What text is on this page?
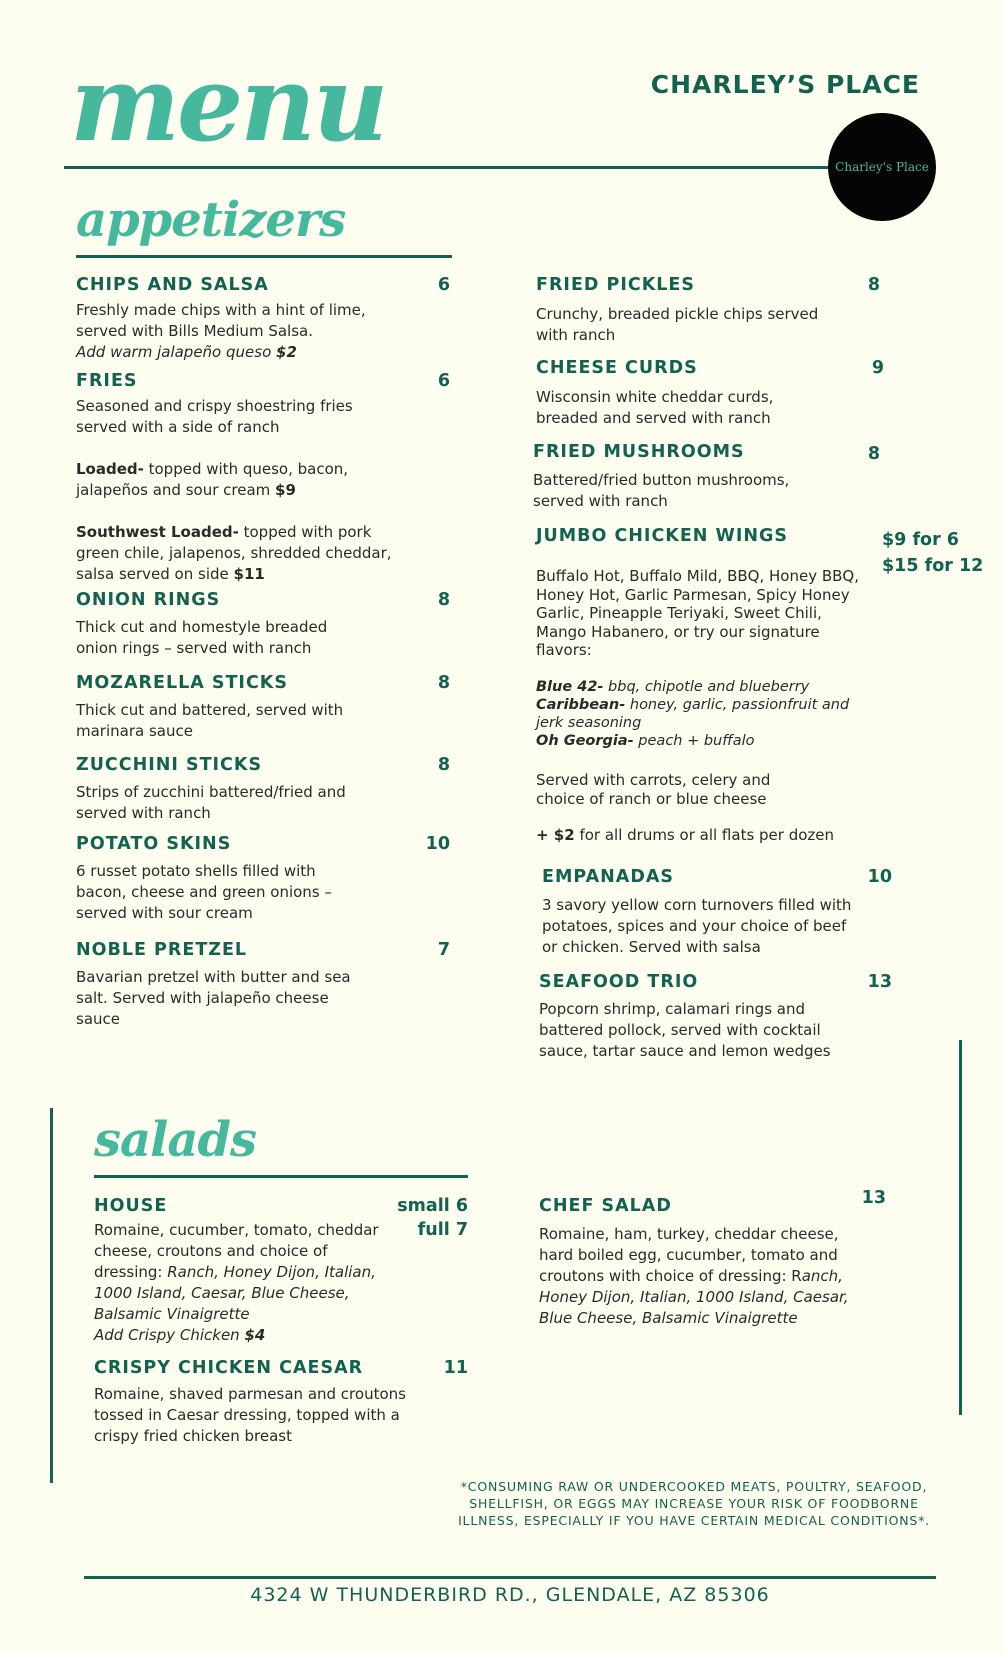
menu	CHARLEY’S PLACE
Charley's Place
appetizers
CHIPS AND SALSA	6
Freshly made chips with a hint of lime,
served with Bills Medium Salsa.
Add warm jalapeño queso $2
FRIES	6
Seasoned and crispy shoestring fries
served with a side of ranch
Loaded- topped with queso, bacon,
jalapeños and sour cream $9
Southwest Loaded- topped with pork
green chile, jalapenos, shredded cheddar,
salsa served on side $11
ONION RINGS	8
Thick cut and homestyle breaded
onion rings – served with ranch
MOZARELLA STICKS	8
Thick cut and battered, served with
marinara sauce
ZUCCHINI STICKS	8
Strips of zucchini battered/fried and
served with ranch
POTATO SKINS	10
6 russet potato shells filled with
bacon, cheese and green onions –
served with sour cream
NOBLE PRETZEL	7
Bavarian pretzel with butter and sea
salt. Served with jalapeño cheese
sauce
FRIED PICKLES	8
Crunchy, breaded pickle chips served
with ranch
CHEESE CURDS	9
Wisconsin white cheddar curds,
breaded and served with ranch
FRIED MUSHROOMS	8
Battered/fried button mushrooms,
served with ranch
JUMBO CHICKEN WINGS	$9 for 6
$15 for 12
Buffalo Hot, Buffalo Mild, BBQ, Honey BBQ,
Honey Hot, Garlic Parmesan, Spicy Honey
Garlic, Pineapple Teriyaki, Sweet Chili,
Mango Habanero, or try our signature
flavors:
Blue 42- bbq, chipotle and blueberry
Caribbean- honey, garlic, passionfruit and
jerk seasoning
Oh Georgia- peach + buffalo
Served with carrots, celery and
choice of ranch or blue cheese
+ $2 for all drums or all flats per dozen
EMPANADAS	10
3 savory yellow corn turnovers filled with
potatoes, spices and your choice of beef
or chicken. Served with salsa
SEAFOOD TRIO	13
Popcorn shrimp, calamari rings and
battered pollock, served with cocktail
sauce, tartar sauce and lemon wedges
salads
HOUSE	small 6
full 7
Romaine, cucumber, tomato, cheddar
cheese, croutons and choice of
dressing: Ranch, Honey Dijon, Italian,
1000 Island, Caesar, Blue Cheese,
Balsamic Vinaigrette
Add Crispy Chicken $4
CRISPY CHICKEN CAESAR	11
Romaine, shaved parmesan and croutons
tossed in Caesar dressing, topped with a
crispy fried chicken breast
CHEF SALAD	13
Romaine, ham, turkey, cheddar cheese,
hard boiled egg, cucumber, tomato and
croutons with choice of dressing: Ranch,
Honey Dijon, Italian, 1000 Island, Caesar,
Blue Cheese, Balsamic Vinaigrette
*CONSUMING RAW OR UNDERCOOKED MEATS, POULTRY, SEAFOOD,
SHELLFISH, OR EGGS MAY INCREASE YOUR RISK OF FOODBORNE
ILLNESS, ESPECIALLY IF YOU HAVE CERTAIN MEDICAL CONDITIONS*.
4324 W THUNDERBIRD RD., GLENDALE, AZ 85306
